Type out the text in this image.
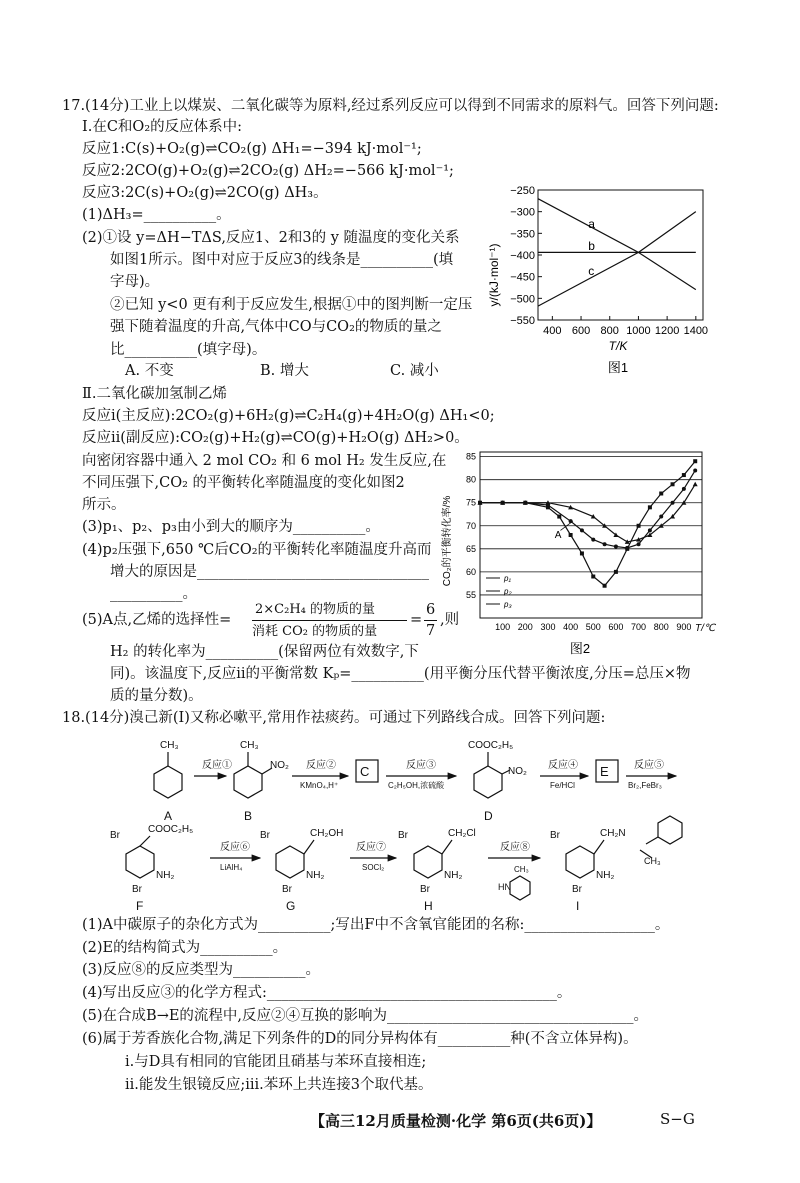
17.(14分)工业上以煤炭、二氧化碳等为原料,经过系列反应可以得到不同需求的原料气。回答下列问题:
Ⅰ.在C和O₂的反应体系中:
反应1:C(s)+O₂(g)⇌CO₂(g) ΔH₁=−394 kJ·mol⁻¹;
反应2:2CO(g)+O₂(g)⇌2CO₂(g) ΔH₂=−566 kJ·mol⁻¹;
反应3:2C(s)+O₂(g)⇌2CO(g) ΔH₃。
(1)ΔH₃=__________。
(2)①设 y=ΔH−TΔS,反应1、2和3的 y 随温度的变化关系
如图1所示。图中对应于反应3的线条是__________(填
字母)。
②已知 y<0 更有利于反应发生,根据①中的图判断一定压
强下随着温度的升高,气体中CO与CO₂的物质的量之
比__________(填字母)。
A. 不变	B. 增大	C. 减小
Ⅱ.二氧化碳加氢制乙烯
反应ⅰ(主反应):2CO₂(g)+6H₂(g)⇌C₂H₄(g)+4H₂O(g) ΔH₁<0;
反应ⅱ(副反应):CO₂(g)+H₂(g)⇌CO(g)+H₂O(g) ΔH₂>0。
向密闭容器中通入 2 mol CO₂ 和 6 mol H₂ 发生反应,在
不同压强下,CO₂ 的平衡转化率随温度的变化如图2
所示。
(3)p₁、p₂、p₃由小到大的顺序为__________。
(4)p₂压强下,650 ℃后CO₂的平衡转化率随温度升高而
增大的原因是________________________________
__________。
(5)A点,乙烯的选择性=
2×C₂H₄ 的物质的量
消耗 CO₂ 的物质的量
=
6
7
,则
H₂ 的转化率为__________(保留两位有效数字,下
同)。该温度下,反应ⅱ的平衡常数 Kₚ=__________(用平衡分压代替平衡浓度,分压=总压×物
质的量分数)。
−250
−300
−350
−400
−450
−500
−550
400 600 800 1000 1200 1400
a
b
c
y/(kJ·mol⁻¹)
T/K
图1
85
80
75
70
65
60
55
100 200 300 400 500 600 700 800 900
p₁
p₂
p₃
A
CO₂的平衡转化率/%
T/℃
图2
18.(14分)溴己新(I)又称必嗽平,常用作祛痰药。可通过下列路线合成。回答下列问题:
CH₃
A
CH₃
NO₂
B
反应①	反应②
KMnO₄,H⁺
C	反应③
C₂H₅OH,浓硫酸
COOC₂H₅
NO₂
D
反应④
Fe/HCl
E	反应⑤
Br₂,FeBr₃
Br
COOC₂H₅
NH₂
Br
F
反应⑥
LiAlH₄
Br	CH₂OH
NH₂
Br
G
反应⑦
SOCl₂
Br	CH₂Cl
NH₂
Br
H
反应⑧
HN
CH₃
Br	CH₂N
CH₃
NH₂
Br
I
(1)A中碳原子的杂化方式为__________;写出F中不含氧官能团的名称:__________________。
(2)E的结构简式为__________。
(3)反应⑧的反应类型为__________。
(4)写出反应③的化学方程式:________________________________________。
(5)在合成B→E的流程中,反应②④互换的影响为__________________________________。
(6)属于芳香族化合物,满足下列条件的D的同分异构体有__________种(不含立体异构)。
ⅰ.与D具有相同的官能团且硝基与苯环直接相连;
ⅱ.能发生银镜反应;ⅲ.苯环上共连接3个取代基。
【高三12月质量检测·化学 第6页(共6页)】	S−G
